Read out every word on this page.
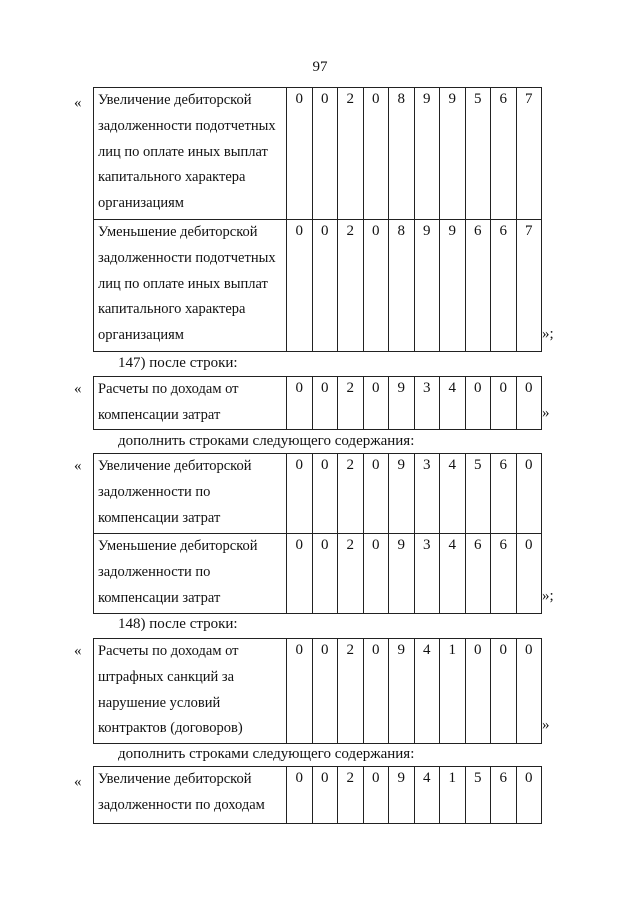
97
« Увеличение дебиторской задолженности подотчетных лиц по оплате иных выплат капитального характера организациям	0	0	2	0	8	9	9	5	6	7
Уменьшение дебиторской задолженности подотчетных лиц по оплате иных выплат капитального характера организациям	0	0	2	0	8	9	9	6	6	7
»;
147) после строки:
« Расчеты по доходам от компенсации затрат	0	0	2	0	9	3	4	0	0	0
»
дополнить строками следующего содержания:
« Увеличение дебиторской задолженности по компенсации затрат	0	0	2	0	9	3	4	5	6	0
Уменьшение дебиторской задолженности по компенсации затрат	0	0	2	0	9	3	4	6	6	0
»;
148) после строки:
« Расчеты по доходам от штрафных санкций за нарушение условий контрактов (договоров)	0	0	2	0	9	4	1	0	0	0
»
дополнить строками следующего содержания:
« Увеличение дебиторской задолженности по доходам	0	0	2	0	9	4	1	5	6	0
